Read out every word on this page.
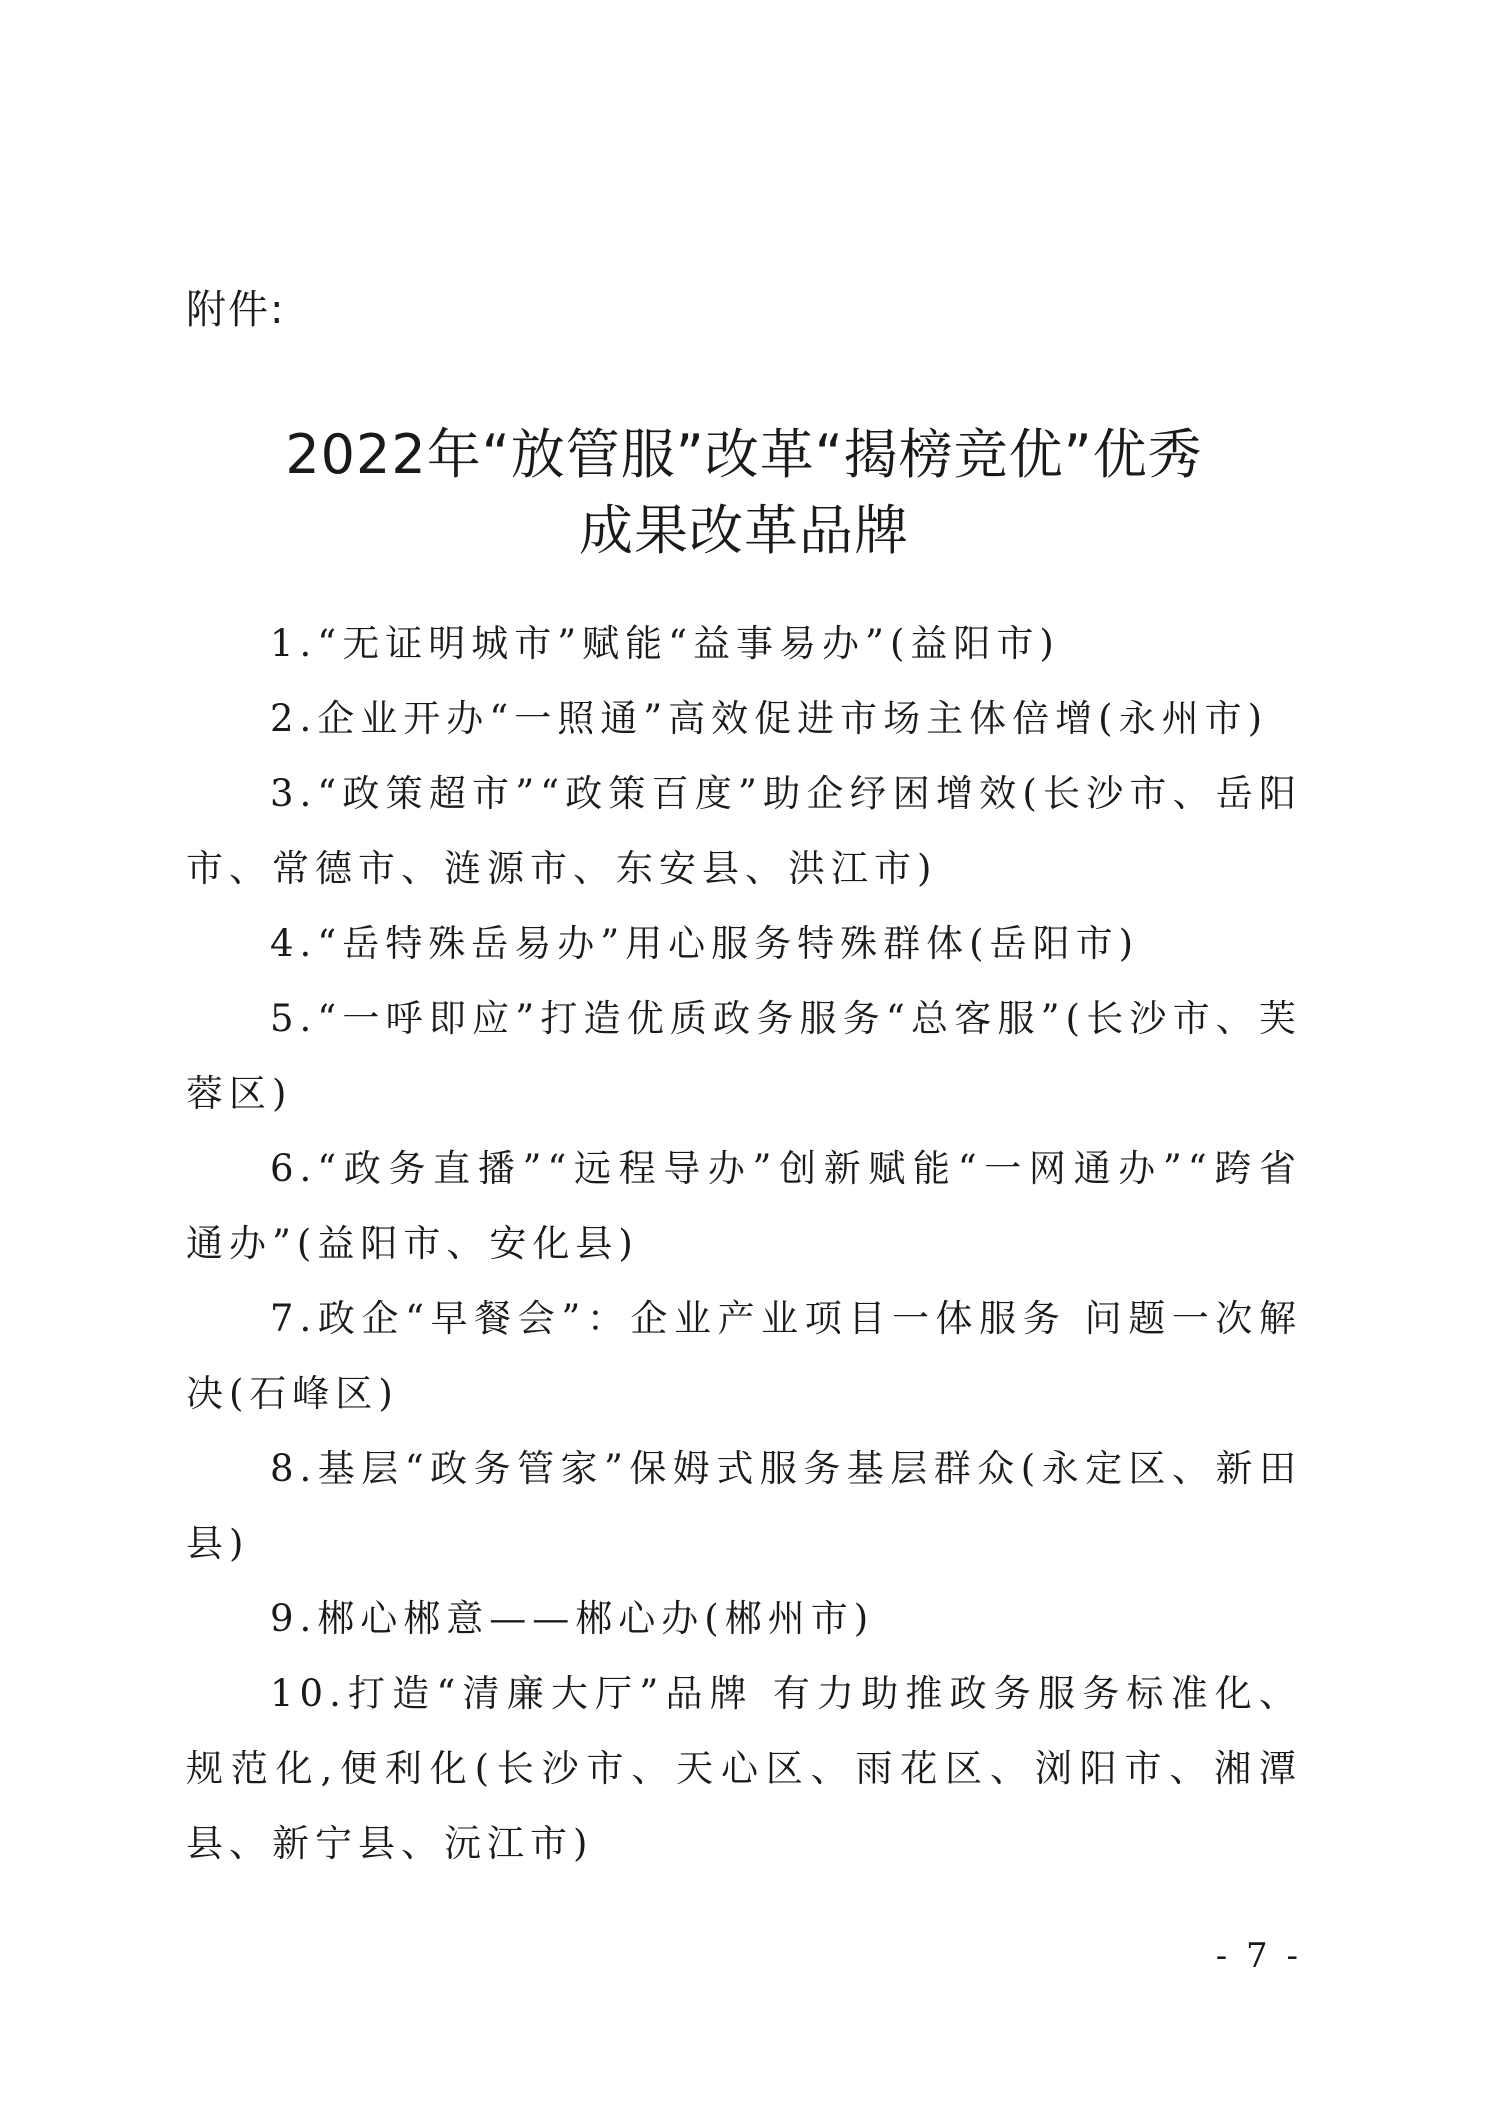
附件:
2022年“放管服”改革“揭榜竞优”优秀
成果改革品牌

1.“无证明城市”赋能“益事易办”(益阳市)

2.企业开办“一照通”高效促进市场主体倍增(永州市)

3.“政策超市”“政策百度”助企纾困增效(长沙市、岳阳市、常德市、涟源市、东安县、洪江市)

4.“岳特殊岳易办”用心服务特殊群体(岳阳市)

5.“一呼即应”打造优质政务服务“总客服”(长沙市、芙蓉区)

6.“政务直播”“远程导办”创新赋能“一网通办”“跨省通办”(益阳市、安化县)

7.政企“早餐会”：企业产业项目一体服务 问题一次解决(石峰区)

8.基层“政务管家”保姆式服务基层群众(永定区、新田县)

9.郴心郴意——郴心办(郴州市)

10.打造“清廉大厅”品牌 有力助推政务服务标准化、规范化,便利化(长沙市、天心区、雨花区、浏阳市、湘潭县、新宁县、沅江市)

- 7 -
